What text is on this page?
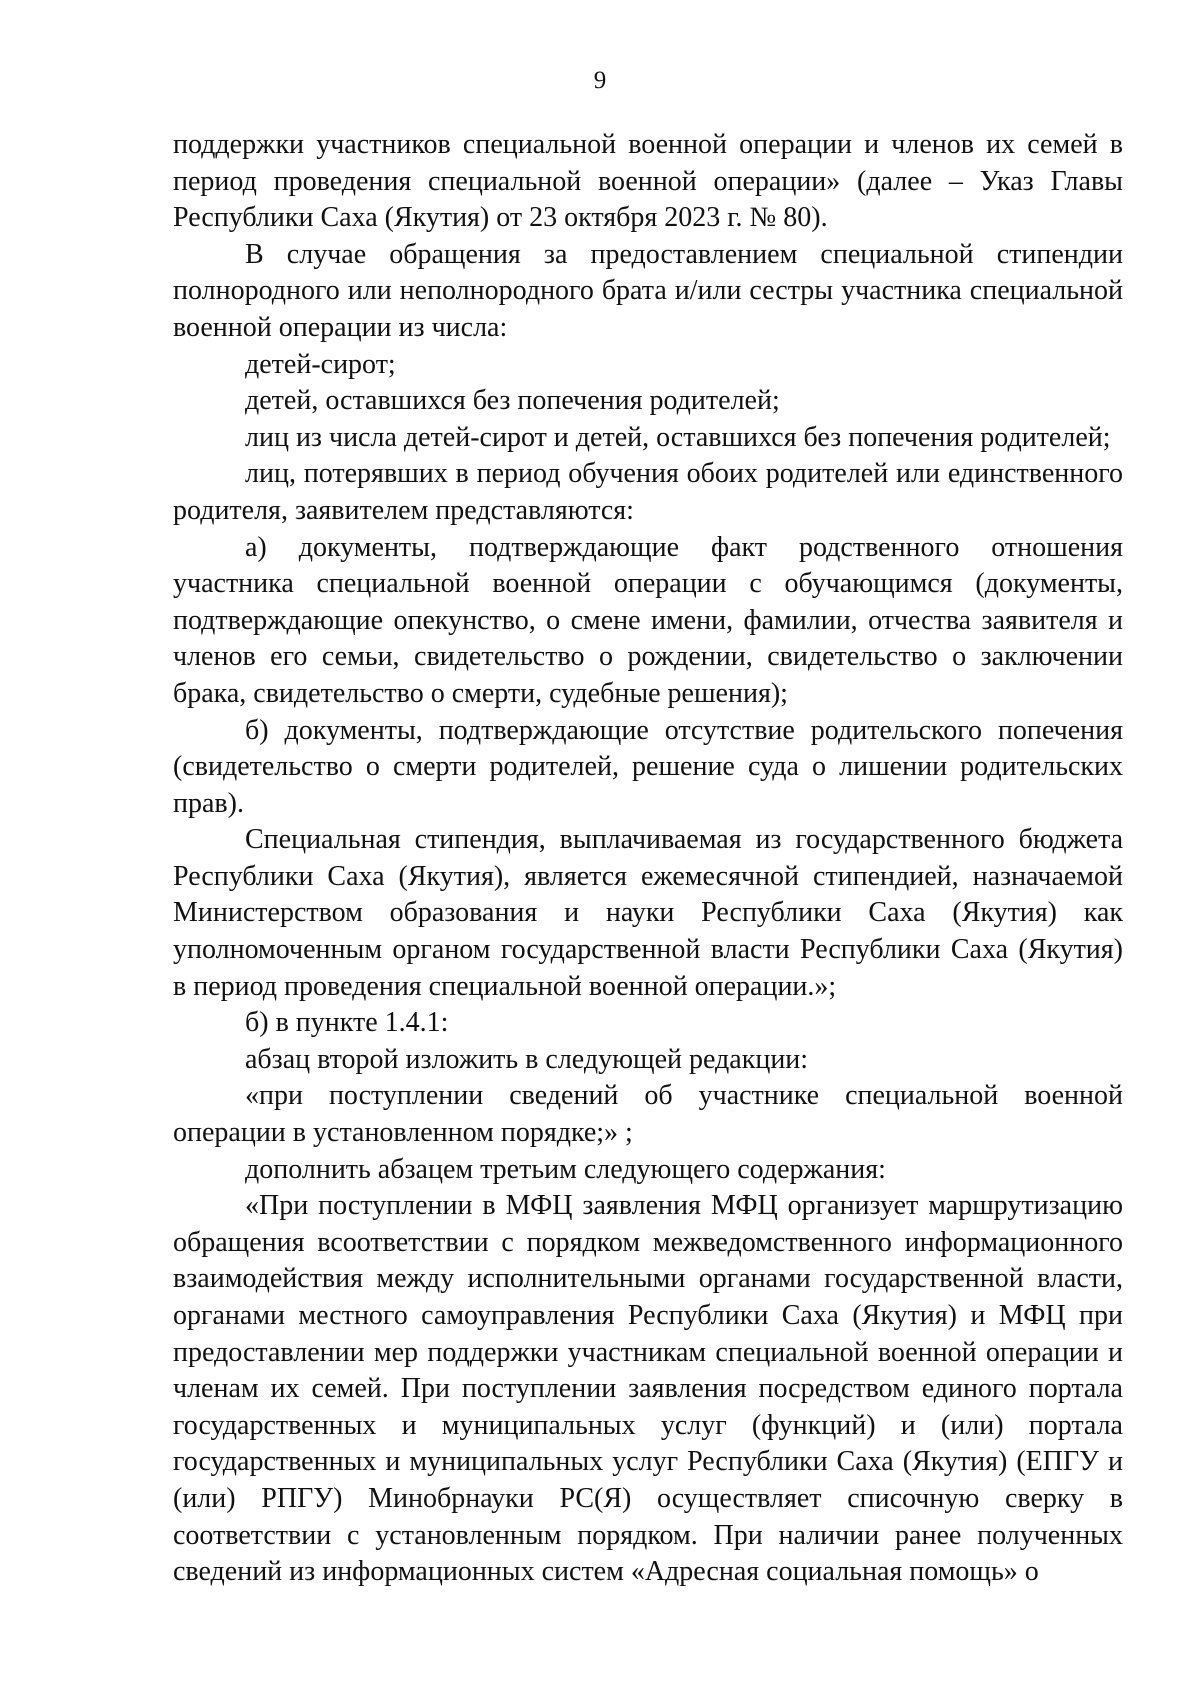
9

поддержки участников специальной военной операции и членов их семей в период проведения специальной военной операции» (далее – Указ Главы Республики Саха (Якутия) от 23 октября 2023 г. № 80).

В случае обращения за предоставлением специальной стипендии полнородного или неполнородного брата и/или сестры участника специальной военной операции из числа:

детей-сирот;

детей, оставшихся без попечения родителей;

лиц из числа детей-сирот и детей, оставшихся без попечения родителей;

лиц, потерявших в период обучения обоих родителей или единственного родителя, заявителем представляются:

а) документы, подтверждающие факт родственного отношения участника специальной военной операции с обучающимся (документы, подтверждающие опекунство, о смене имени, фамилии, отчества заявителя и членов его семьи, свидетельство о рождении, свидетельство о заключении брака, свидетельство о смерти, судебные решения);

б) документы, подтверждающие отсутствие родительского попечения (свидетельство о смерти родителей, решение суда о лишении родительских прав).

Специальная стипендия, выплачиваемая из государственного бюджета Республики Саха (Якутия), является ежемесячной стипендией, назначаемой Министерством образования и науки Республики Саха (Якутия) как уполномоченным органом государственной власти Республики Саха (Якутия) в период проведения специальной военной операции.»;

б) в пункте 1.4.1:

абзац второй изложить в следующей редакции:

«при поступлении сведений об участнике специальной военной операции в установленном порядке;» ;

дополнить абзацем третьим следующего содержания:

«При поступлении в МФЦ заявления МФЦ организует маршрутизацию обращения всоответствии с порядком межведомственного информационного взаимодействия между исполнительными органами государственной власти, органами местного самоуправления Республики Саха (Якутия) и МФЦ при предоставлении мер поддержки участникам специальной военной операции и членам их семей. При поступлении заявления посредством единого портала государственных и муниципальных услуг (функций) и (или) портала государственных и муниципальных услуг Республики Саха (Якутия) (ЕПГУ и (или) РПГУ) Минобрнауки РС(Я) осуществляет списочную сверку в соответствии с установленным порядком. При наличии ранее полученных сведений из информационных систем «Адресная социальная помощь» о
